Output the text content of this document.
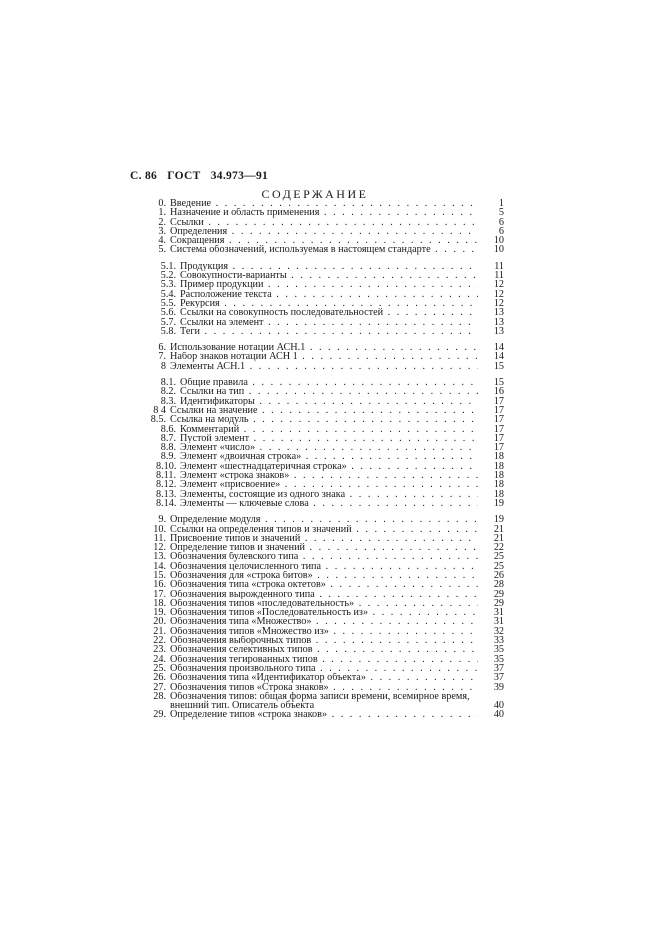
С. 86 ГОСТ 34.973—91
СОДЕРЖАНИЕ
0. Введение . .	1
1. Назначение и область применения . .	5
2. Ссылки . .	6
3. Определения . .	6
4. Сокращения . .	10
5. Система обозначений, используемая в настоящем стандарте . .	10
5.1. Продукция . .	11
5.2. Совокупности-варианты . .	11
5.3. Пример продукции . .	12
5.4. Расположение текста . .	12
5.5. Рекурсия . .	12
5.6. Ссылки на совокупность последовательностей . .	13
5.7. Ссылки на элемент . .	13
5.8. Теги . .	13
6. Использование нотации АСН.1 . .	14
7. Набор знаков нотации АСН 1 . .	14
8 Элементы АСН.1 . .	15
8.1. Общие правила . .	15
8.2. Ссылки на тип . .	16
8.3. Идентификаторы . .	17
8 4 Ссылки на значение . .	17
8.5. Ссылка на модуль . .	17
8.6. Комментарий . .	17
8.7. Пустой элемент . .	17
8.8. Элемент «число» . .	17
8.9. Элемент «двоичная строка» . .	18
8.10. Элемент «шестнадцатеричная строка» . .	18
8.11. Элемент «строка знаков» . .	18
8.12. Элемент «присвоение» . .	18
8.13. Элементы, состоящие из одного знака . .	18
8.14. Элементы — ключевые слова . .	19
9. Определение модуля . .	19
10. Ссылки на определения типов и значений . .	21
11. Присвоение типов и значений . .	21
12. Определение типов и значений . .	22
13. Обозначения булевского типа . .	25
14. Обозначения целочисленного типа . .	25
15. Обозначения для «строка битов» . .	26
16. Обозначения типа «строка октетов» . .	28
17. Обозначения вырожденного типа . .	29
18. Обозначения типов «последовательность» . .	29
19. Обозначения типов «Последовательность из» . .	31
20. Обозначения типа «Множество» . .	31
21. Обозначения типов «Множество из» . .	32
22. Обозначения выборочных типов . .	33
23. Обозначения селективных типов . .	35
24. Обозначения тегированных типов . .	35
25. Обозначения произвольного типа . .	37
26. Обозначения типа «Идентификатор объекта» . .	37
27. Обозначения типов «Строка знаков» . .	39
28. Обозначения типов: общая форма записи времени, всемирное время, внешний тип. Описатель объекта	40
29. Определение типов «строка знаков» . .	40
